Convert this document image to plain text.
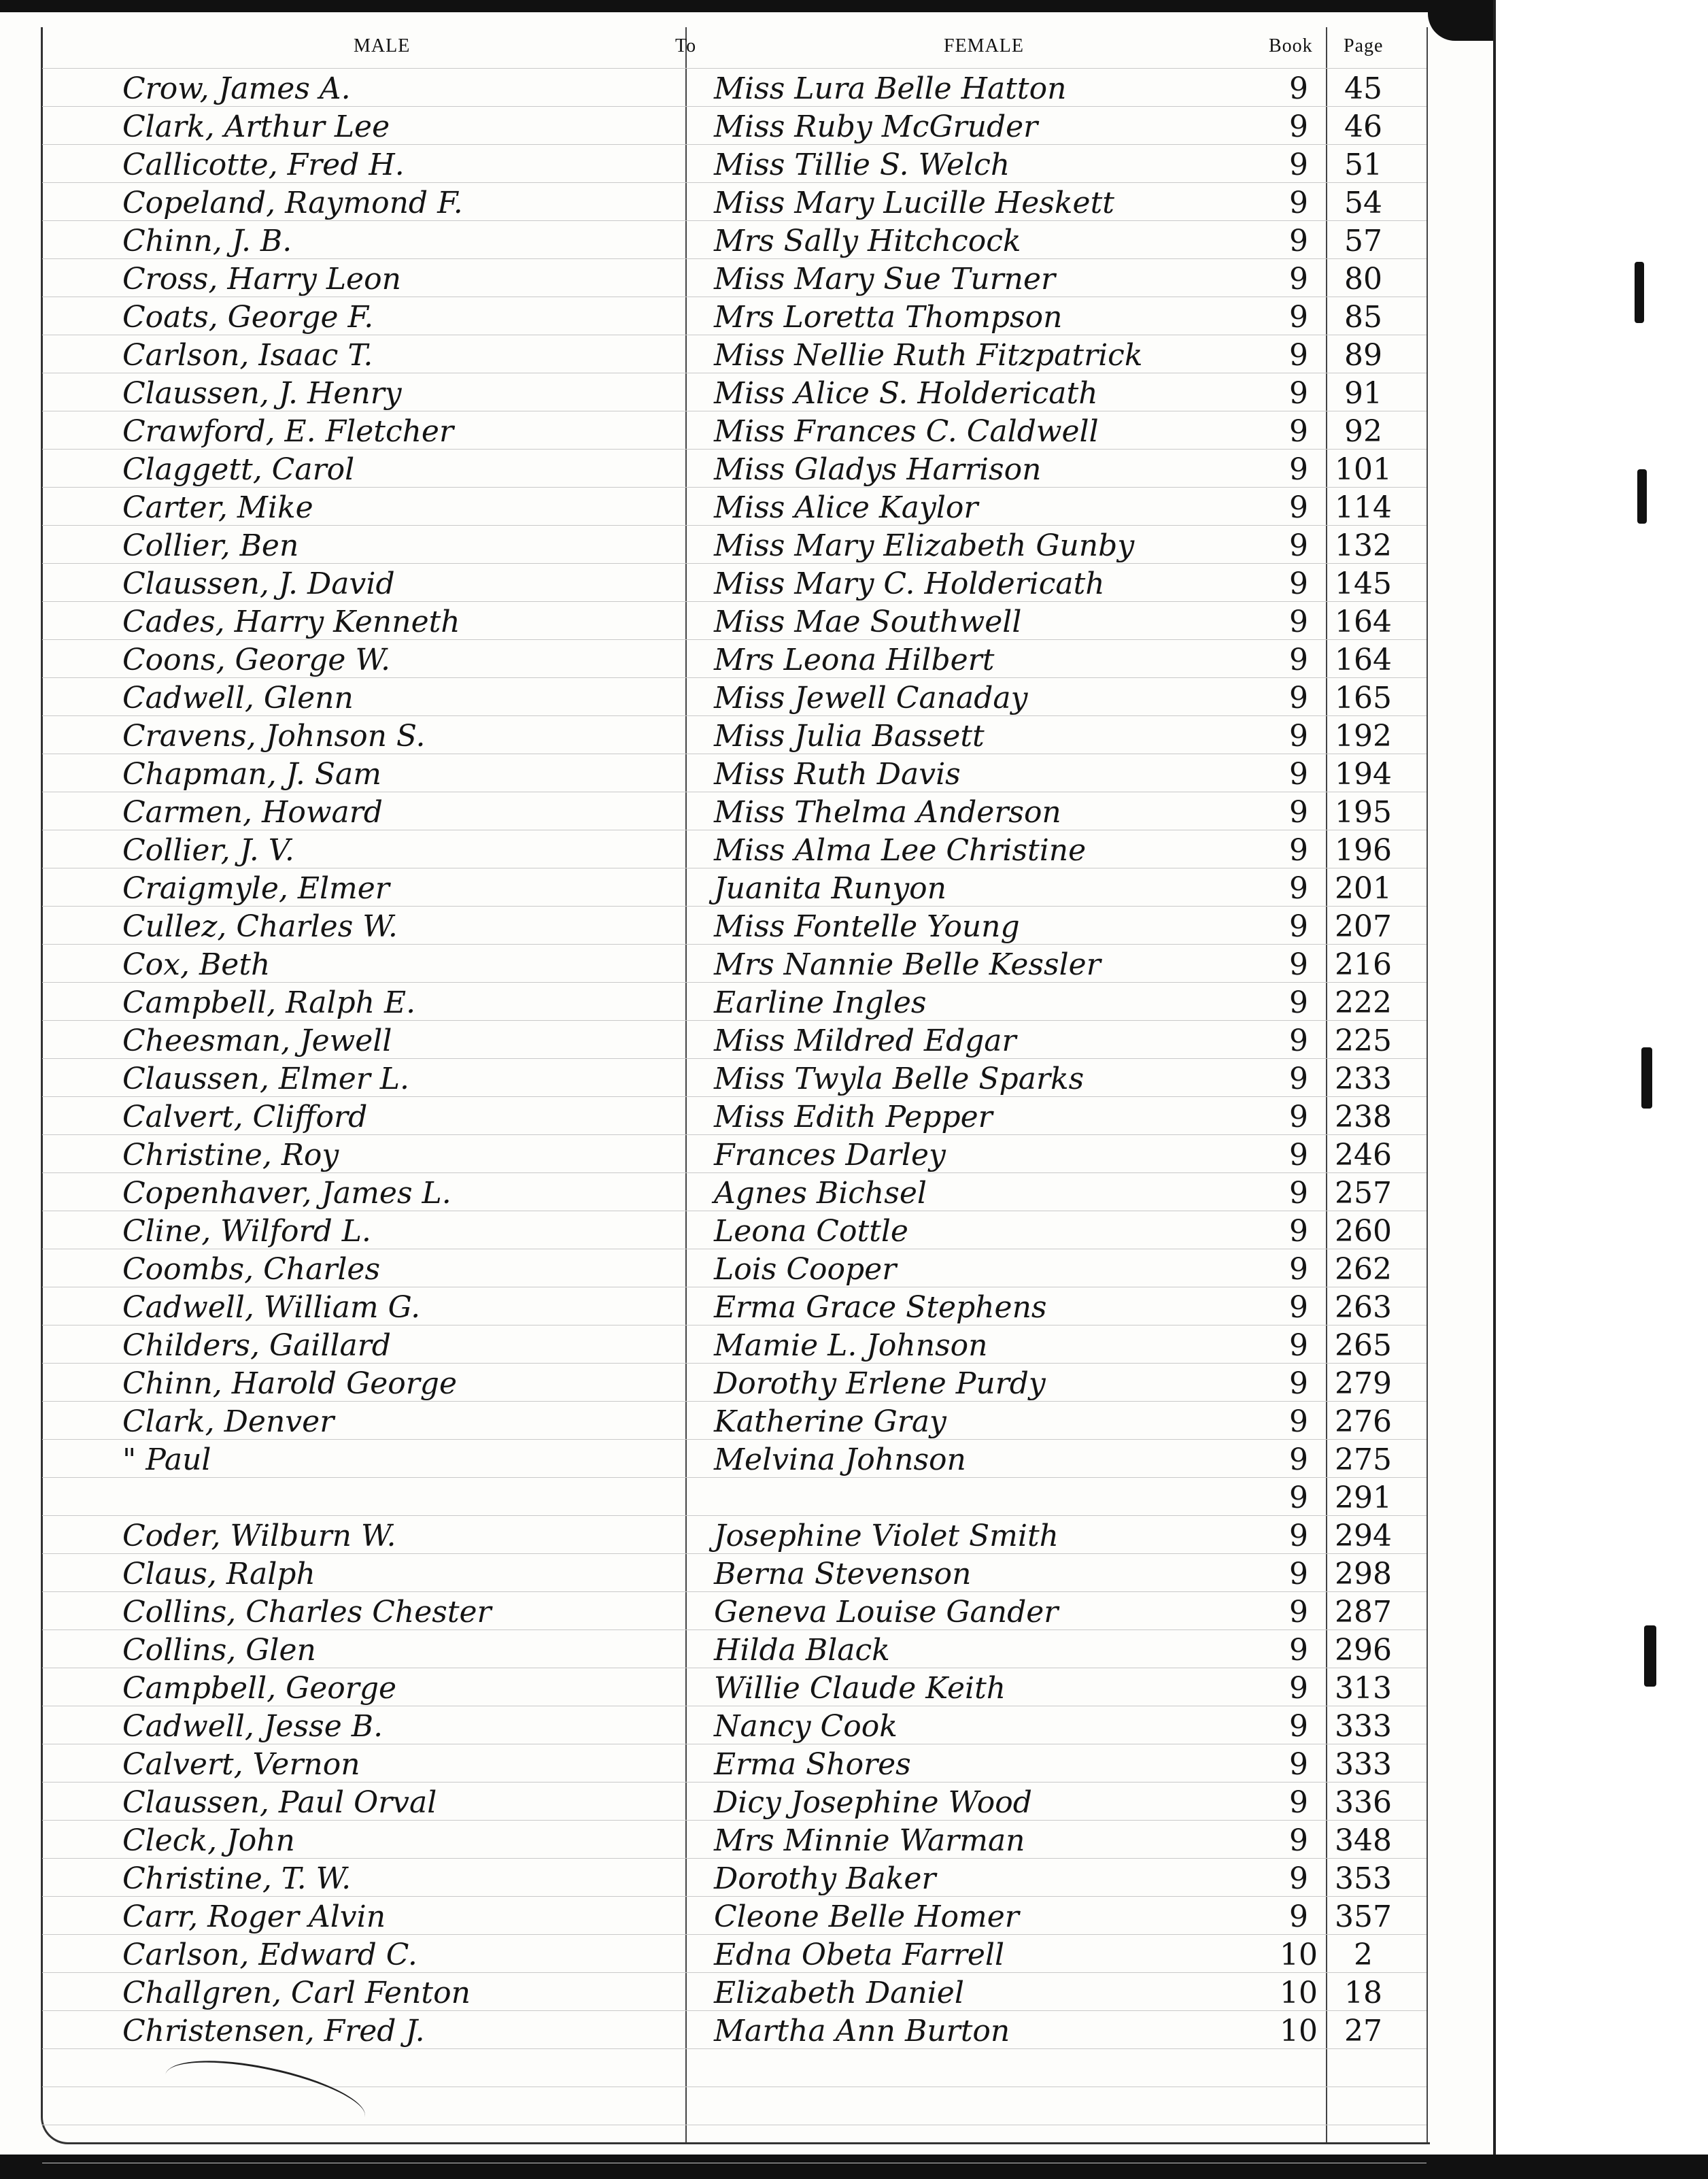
MALE	To	FEMALE	Book Page
Crow, James A.	Miss Lura Belle Hatton	9	45
Clark, Arthur Lee	Miss Ruby McGruder	9	46
Callicotte, Fred H.	Miss Tillie S. Welch	9	51
Copeland, Raymond F.	Miss Mary Lucille Heskett	9	54
Chinn, J. B.	Mrs Sally Hitchcock	9	57
Cross, Harry Leon	Miss Mary Sue Turner	9	80
Coats, George F.	Mrs Loretta Thompson	9	85
Carlson, Isaac T.	Miss Nellie Ruth Fitzpatrick	9	89
Claussen, J. Henry	Miss Alice S. Holdericath	9	91
Crawford, E. Fletcher	Miss Frances C. Caldwell	9	92
Claggett, Carol	Miss Gladys Harrison	9 101
Carter, Mike	Miss Alice Kaylor	9 114
Collier, Ben	Miss Mary Elizabeth Gunby	9 132
Claussen, J. David	Miss Mary C. Holdericath	9 145
Cades, Harry Kenneth	Miss Mae Southwell	9 164
Coons, George W.	Mrs Leona Hilbert	9 164
Cadwell, Glenn	Miss Jewell Canaday	9 165
Cravens, Johnson S.	Miss Julia Bassett	9 192
Chapman, J. Sam	Miss Ruth Davis	9 194
Carmen, Howard	Miss Thelma Anderson	9 195
Collier, J. V.	Miss Alma Lee Christine	9 196
Craigmyle, Elmer	Juanita Runyon	9 201
Cullez, Charles W.	Miss Fontelle Young	9 207
Cox, Beth	Mrs Nannie Belle Kessler	9 216
Campbell, Ralph E.	Earline Ingles	9 222
Cheesman, Jewell	Miss Mildred Edgar	9 225
Claussen, Elmer L.	Miss Twyla Belle Sparks	9 233
Calvert, Clifford	Miss Edith Pepper	9 238
Christine, Roy	Frances Darley	9 246
Copenhaver, James L.	Agnes Bichsel	9 257
Cline, Wilford L.	Leona Cottle	9 260
Coombs, Charles	Lois Cooper	9 262
Cadwell, William G.	Erma Grace Stephens	9 263
Childers, Gaillard	Mamie L. Johnson	9 265
Chinn, Harold George	Dorothy Erlene Purdy	9 279
Clark, Denver	Katherine Gray	9 276
" Paul	Melvina Johnson	9 275
9 291
Coder, Wilburn W.	Josephine Violet Smith	9 294
Claus, Ralph	Berna Stevenson	9 298
Collins, Charles Chester	Geneva Louise Gander	9 287
Collins, Glen	Hilda Black	9 296
Campbell, George	Willie Claude Keith	9 313
Cadwell, Jesse B.	Nancy Cook	9 333
Calvert, Vernon	Erma Shores	9 333
Claussen, Paul Orval	Dicy Josephine Wood	9 336
Cleck, John	Mrs Minnie Warman	9 348
Christine, T. W.	Dorothy Baker	9 353
Carr, Roger Alvin	Cleone Belle Homer	9 357
Carlson, Edward C.	Edna Obeta Farrell	10	2
Challgren, Carl Fenton	Elizabeth Daniel	10 18
Christensen, Fred J.	Martha Ann Burton	10 27
